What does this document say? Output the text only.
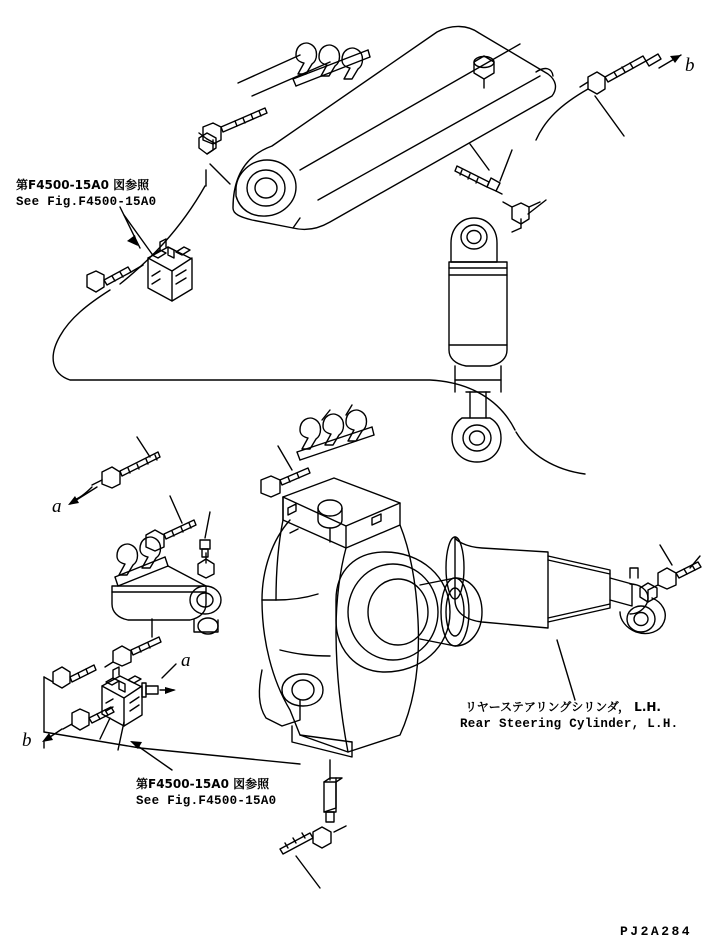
第F4500-15A0 図参照
See Fig.F4500-15A0
第F4500-15A0 図参照
See Fig.F4500-15A0
リヤーステアリングシリンダ， L.H.
Rear Steering Cylinder, L.H.
b
a
a
b
PJ2A284
